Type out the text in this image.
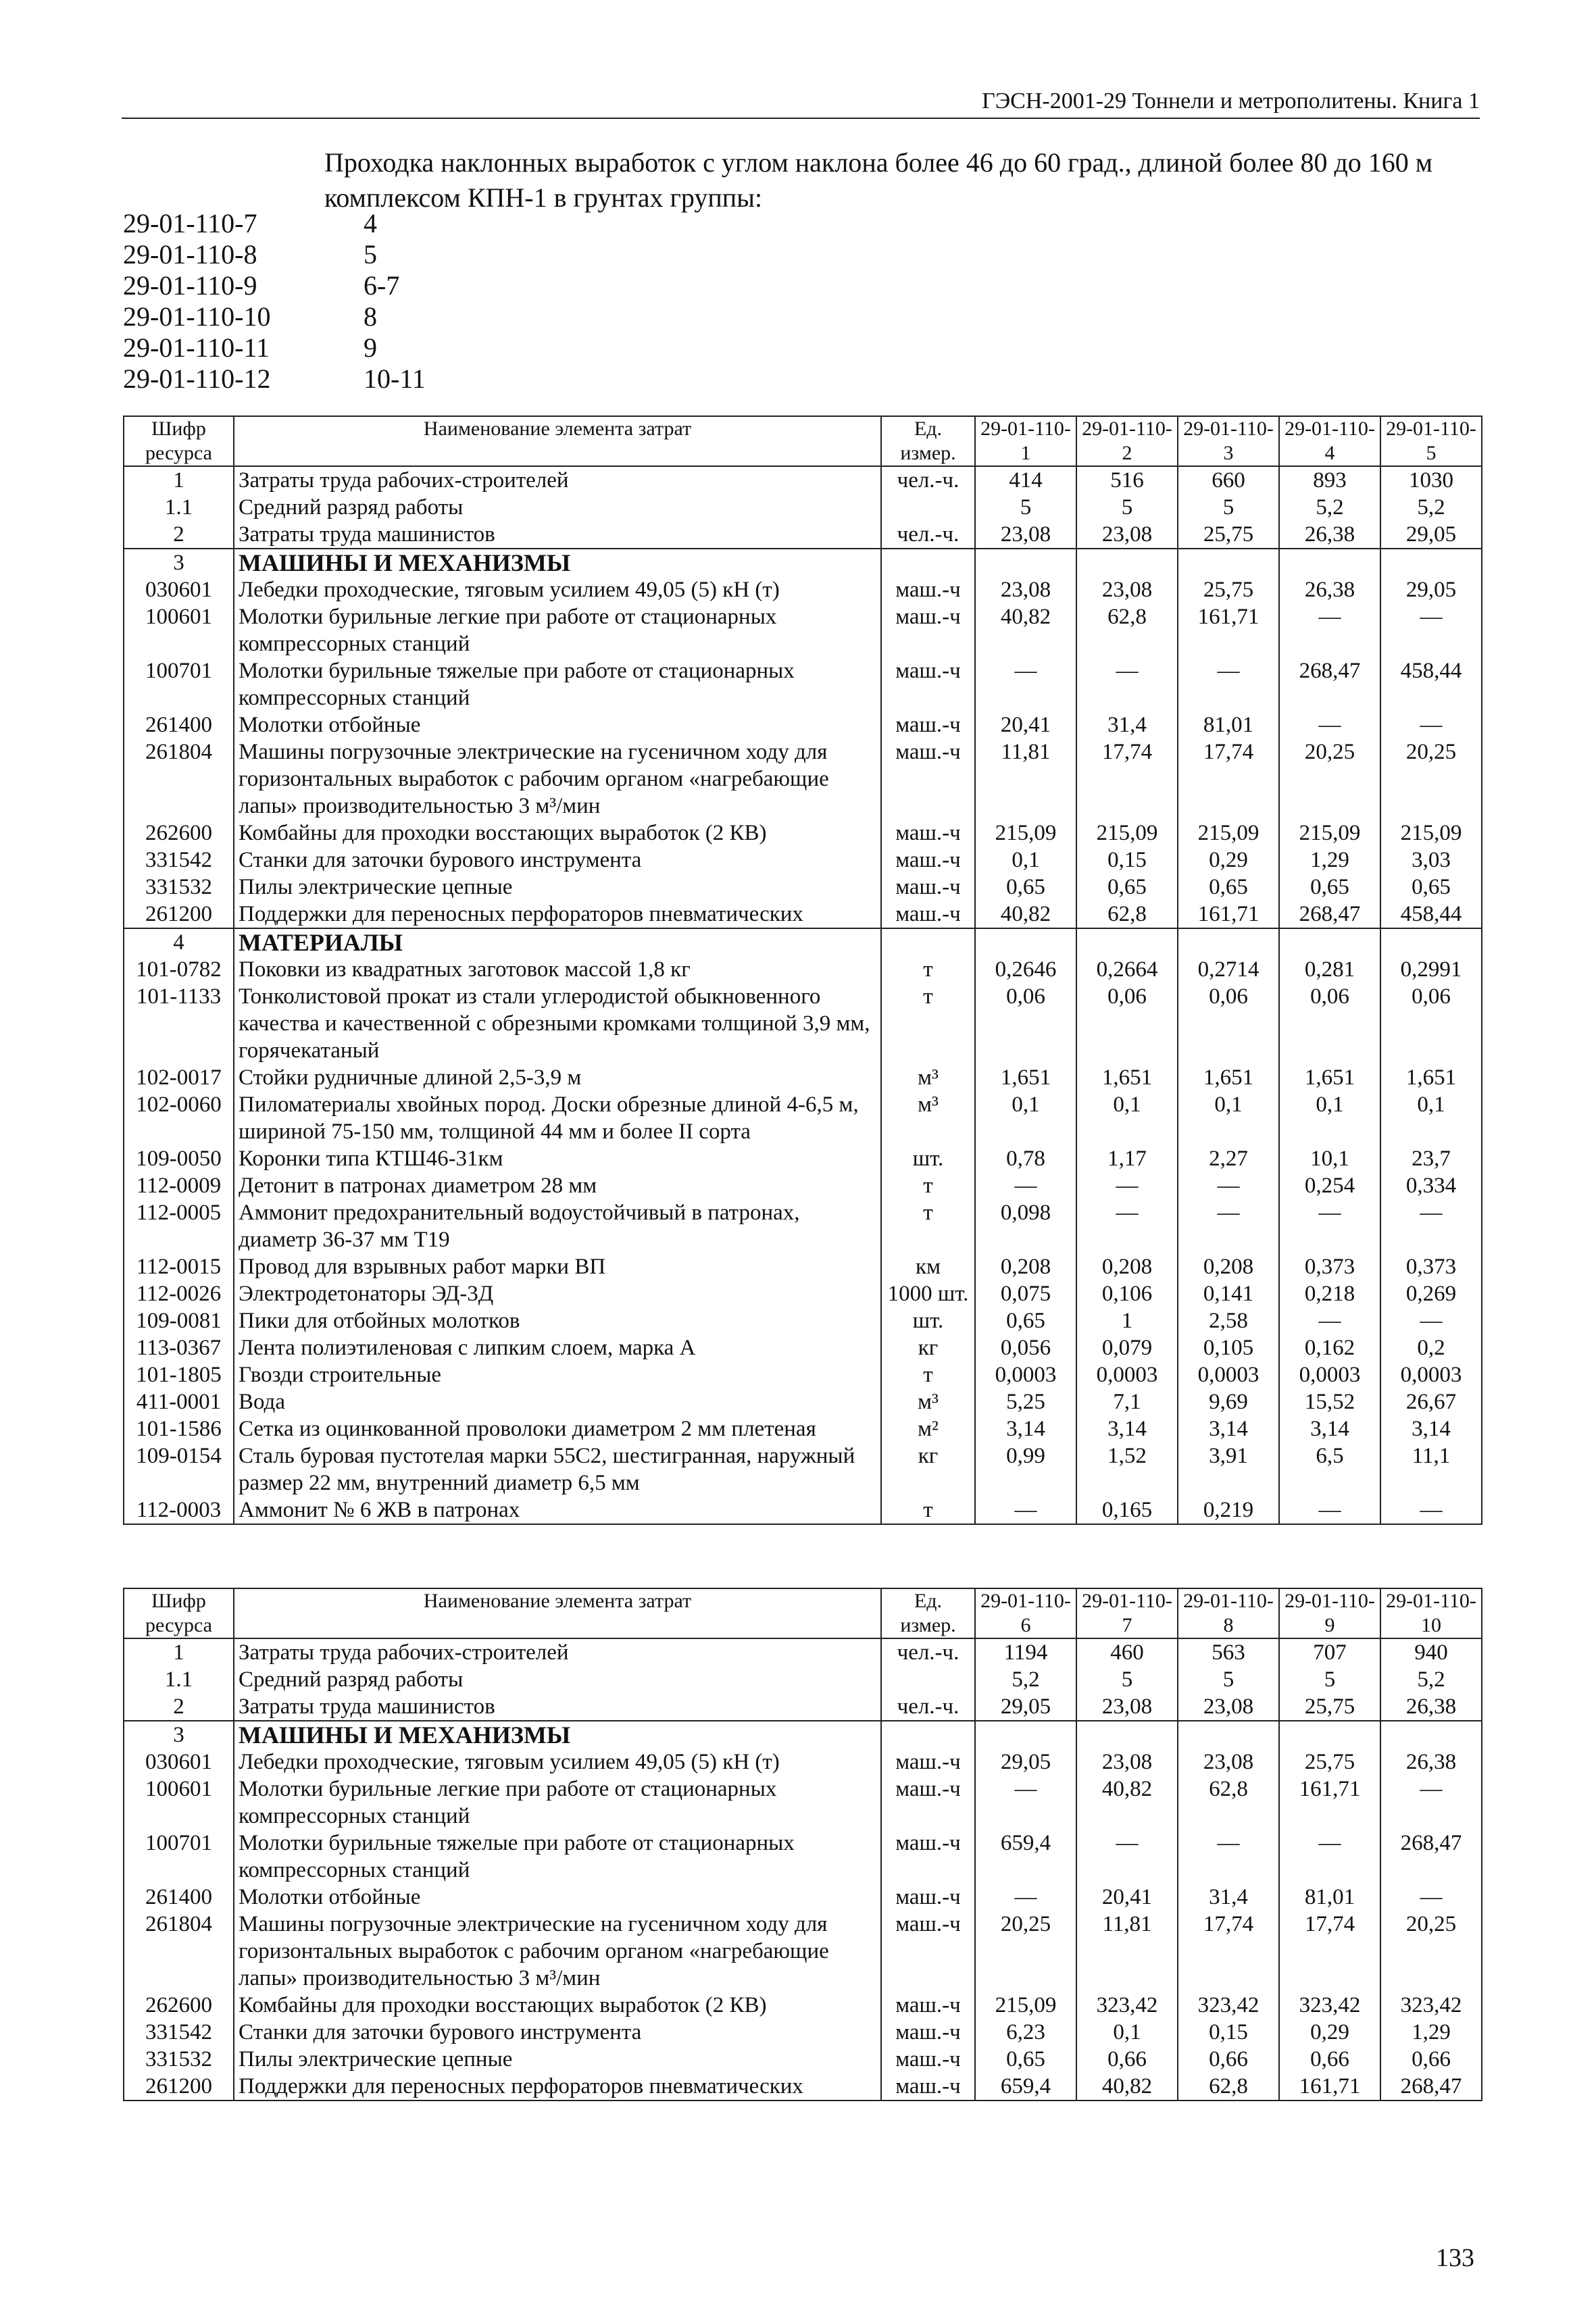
ГЭСН-2001-29 Тоннели и метрополитены. Книга 1
Проходка наклонных выработок с углом наклона более 46 до 60 град., длиной более 80 до 160 м комплексом КПН-1 в грунтах группы:
29-01-110-7	4
29-01-110-8	5
29-01-110-9	6-7
29-01-110-10	8
29-01-110-11	9
29-01-110-12	10-11
Шифр ресурса	Наименование элемента затрат	Ед. измер.	29-01-110-1	29-01-110-2	29-01-110-3	29-01-110-4	29-01-110-5
1	Затраты труда рабочих-строителей	чел.-ч.	414	516	660	893	1030
1.1	Средний разряд работы		5	5	5	5,2	5,2
2	Затраты труда машинистов	чел.-ч.	23,08	23,08	25,75	26,38	29,05
3	МАШИНЫ И МЕХАНИЗМЫ						
030601	Лебедки проходческие, тяговым усилием 49,05 (5) кН (т)	маш.-ч	23,08	23,08	25,75	26,38	29,05
100601	Молотки бурильные легкие при работе от стационарных компрессорных станций	маш.-ч	40,82	62,8	161,71	—	—
100701	Молотки бурильные тяжелые при работе от стационарных компрессорных станций	маш.-ч	—	—	—	268,47	458,44
261400	Молотки отбойные	маш.-ч	20,41	31,4	81,01	—	—
261804	Машины погрузочные электрические на гусеничном ходу для горизонтальных выработок с рабочим органом «нагребающие лапы» производительностью 3 м³/мин	маш.-ч	11,81	17,74	17,74	20,25	20,25
262600	Комбайны для проходки восстающих выработок (2 КВ)	маш.-ч	215,09	215,09	215,09	215,09	215,09
331542	Станки для заточки бурового инструмента	маш.-ч	0,1	0,15	0,29	1,29	3,03
331532	Пилы электрические цепные	маш.-ч	0,65	0,65	0,65	0,65	0,65
261200	Поддержки для переносных перфораторов пневматических	маш.-ч	40,82	62,8	161,71	268,47	458,44
4	МАТЕРИАЛЫ						
101-0782	Поковки из квадратных заготовок массой 1,8 кг	т	0,2646	0,2664	0,2714	0,281	0,2991
101-1133	Тонколистовой прокат из стали углеродистой обыкновенного качества и качественной с обрезными кромками толщиной 3,9 мм, горячекатаный	т	0,06	0,06	0,06	0,06	0,06
102-0017	Стойки рудничные длиной 2,5-3,9 м	м³	1,651	1,651	1,651	1,651	1,651
102-0060	Пиломатериалы хвойных пород. Доски обрезные длиной 4-6,5 м, шириной 75-150 мм, толщиной 44 мм и более II сорта	м³	0,1	0,1	0,1	0,1	0,1
109-0050	Коронки типа КТШ46-31км	шт.	0,78	1,17	2,27	10,1	23,7
112-0009	Детонит в патронах диаметром 28 мм	т	—	—	—	0,254	0,334
112-0005	Аммонит предохранительный водоустойчивый в патронах, диаметр 36-37 мм Т19	т	0,098	—	—	—	—
112-0015	Провод для взрывных работ марки ВП	км	0,208	0,208	0,208	0,373	0,373
112-0026	Электродетонаторы ЭД-3Д	1000 шт.	0,075	0,106	0,141	0,218	0,269
109-0081	Пики для отбойных молотков	шт.	0,65	1	2,58	—	—
113-0367	Лента полиэтиленовая с липким слоем, марка А	кг	0,056	0,079	0,105	0,162	0,2
101-1805	Гвозди строительные	т	0,0003	0,0003	0,0003	0,0003	0,0003
411-0001	Вода	м³	5,25	7,1	9,69	15,52	26,67
101-1586	Сетка из оцинкованной проволоки диаметром 2 мм плетеная	м²	3,14	3,14	3,14	3,14	3,14
109-0154	Сталь буровая пустотелая марки 55С2, шестигранная, наружный размер 22 мм, внутренний диаметр 6,5 мм	кг	0,99	1,52	3,91	6,5	11,1
112-0003	Аммонит № 6 ЖВ в патронах	т	—	0,165	0,219	—	—
Шифр ресурса	Наименование элемента затрат	Ед. измер.	29-01-110-6	29-01-110-7	29-01-110-8	29-01-110-9	29-01-110-10
1	Затраты труда рабочих-строителей	чел.-ч.	1194	460	563	707	940
1.1	Средний разряд работы		5,2	5	5	5	5,2
2	Затраты труда машинистов	чел.-ч.	29,05	23,08	23,08	25,75	26,38
3	МАШИНЫ И МЕХАНИЗМЫ						
030601	Лебедки проходческие, тяговым усилием 49,05 (5) кН (т)	маш.-ч	29,05	23,08	23,08	25,75	26,38
100601	Молотки бурильные легкие при работе от стационарных компрессорных станций	маш.-ч	—	40,82	62,8	161,71	—
100701	Молотки бурильные тяжелые при работе от стационарных компрессорных станций	маш.-ч	659,4	—	—	—	268,47
261400	Молотки отбойные	маш.-ч	—	20,41	31,4	81,01	—
261804	Машины погрузочные электрические на гусеничном ходу для горизонтальных выработок с рабочим органом «нагребающие лапы» производительностью 3 м³/мин	маш.-ч	20,25	11,81	17,74	17,74	20,25
262600	Комбайны для проходки восстающих выработок (2 КВ)	маш.-ч	215,09	323,42	323,42	323,42	323,42
331542	Станки для заточки бурового инструмента	маш.-ч	6,23	0,1	0,15	0,29	1,29
331532	Пилы электрические цепные	маш.-ч	0,65	0,66	0,66	0,66	0,66
261200	Поддержки для переносных перфораторов пневматических	маш.-ч	659,4	40,82	62,8	161,71	268,47
133
